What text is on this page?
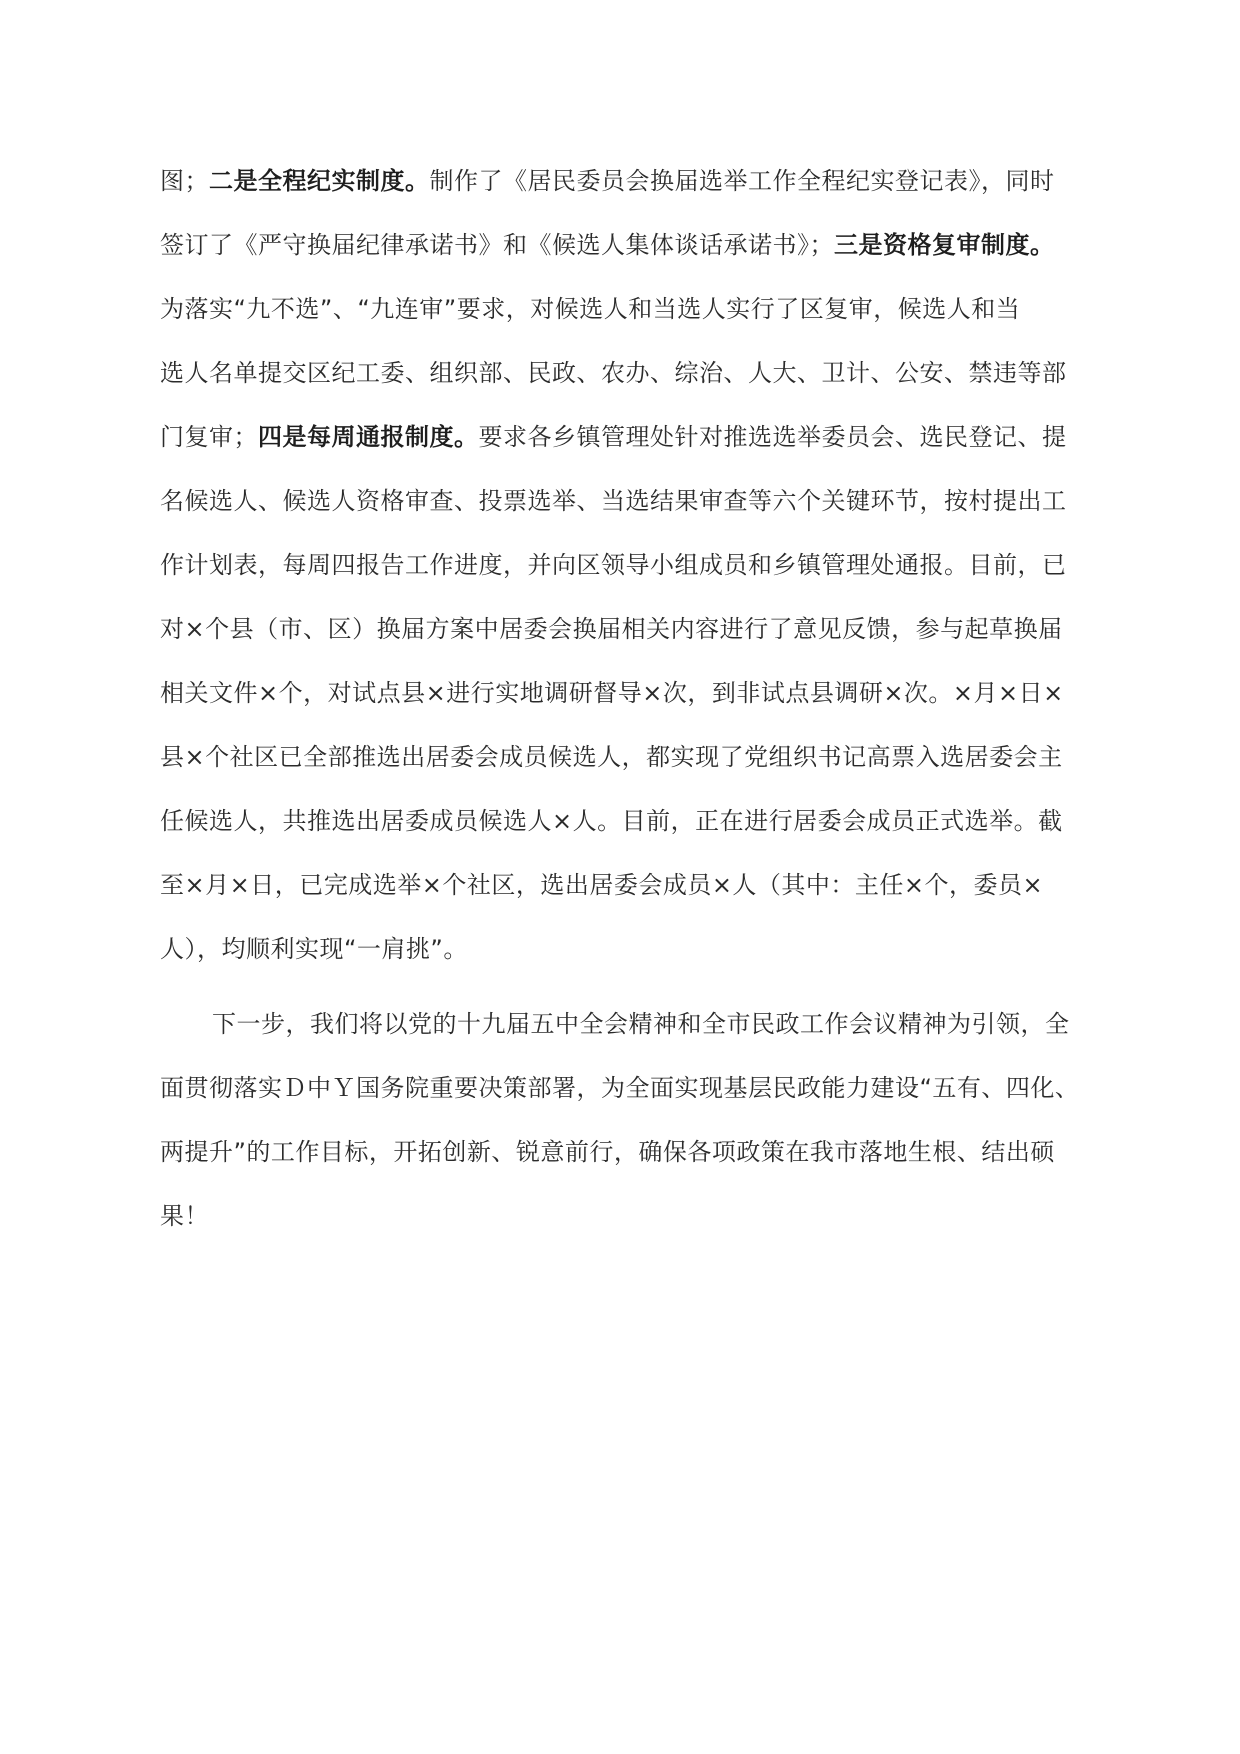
图；二是全程纪实制度。制作了《居民委员会换届选举工作全程纪实登记表》，同时

签订了《严守换届纪律承诺书》和《候选人集体谈话承诺书》；三是资格复审制度。

为落实“九不选”、“九连审”要求，对候选人和当选人实行了区复审，候选人和当

选人名单提交区纪工委、组织部、民政、农办、综治、人大、卫计、公安、禁违等部

门复审；四是每周通报制度。要求各乡镇管理处针对推选选举委员会、选民登记、提

名候选人、候选人资格审查、投票选举、当选结果审查等六个关键环节，按村提出工

作计划表，每周四报告工作进度，并向区领导小组成员和乡镇管理处通报。目前，已

对×个县（市、区）换届方案中居委会换届相关内容进行了意见反馈，参与起草换届

相关文件×个，对试点县×进行实地调研督导×次，到非试点县调研×次。×月×日×

县×个社区已全部推选出居委会成员候选人，都实现了党组织书记高票入选居委会主

任候选人，共推选出居委成员候选人×人。目前，正在进行居委会成员正式选举。截

至×月×日，已完成选举×个社区，选出居委会成员×人（其中：主任×个，委员×

人），均顺利实现“一肩挑”。

下一步，我们将以党的十九届五中全会精神和全市民政工作会议精神为引领，全

面贯彻落实Ｄ中Ｙ国务院重要决策部署，为全面实现基层民政能力建设“五有、四化、

两提升”的工作目标，开拓创新、锐意前行，确保各项政策在我市落地生根、结出硕

果！
